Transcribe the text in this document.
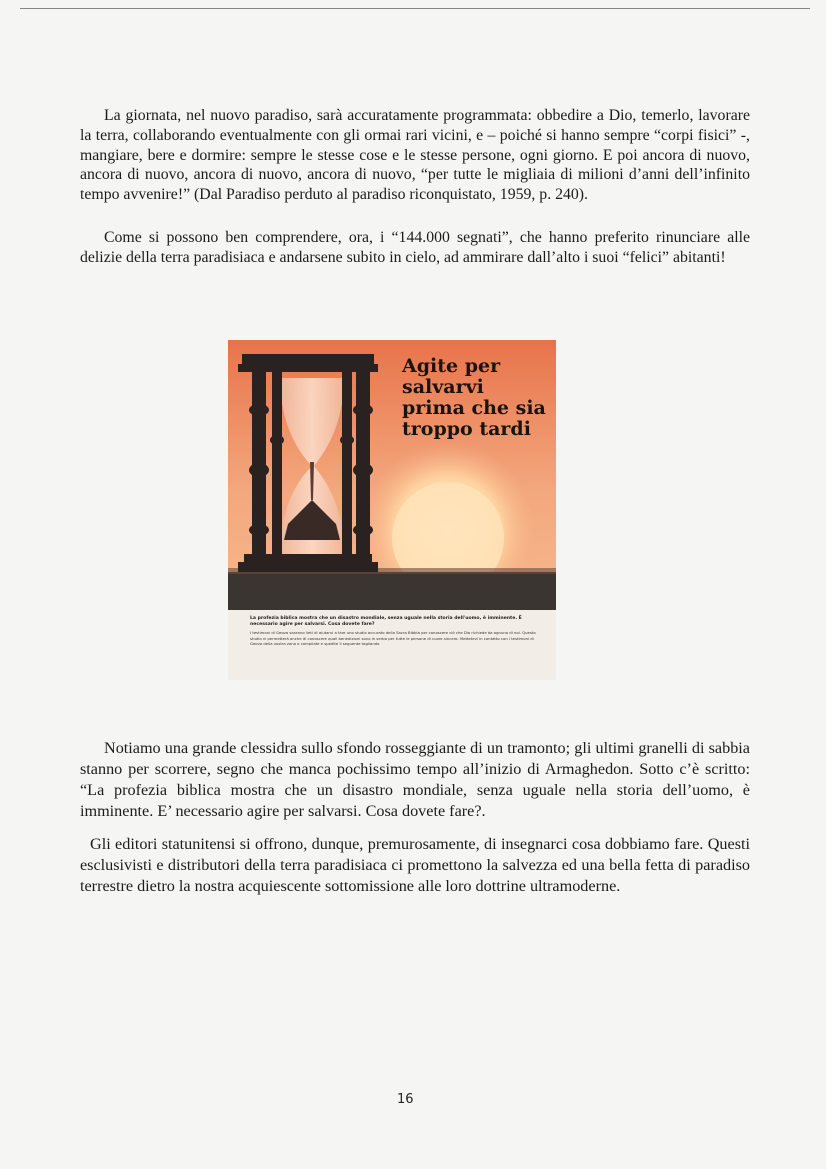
La giornata, nel nuovo paradiso, sarà accuratamente programmata: obbedire a Dio, temerlo, lavorare la terra, collaborando eventualmente con gli ormai rari vicini, e – poiché si hanno sempre “corpi fisici” -, mangiare, bere e dormire: sempre le stesse cose e le stesse persone, ogni giorno. E poi ancora di nuovo, ancora di nuovo, ancora di nuovo, ancora di nuovo, “per tutte le migliaia di milioni d’anni dell’infinito tempo avvenire!” (Dal Paradiso perduto al paradiso riconquistato, 1959, p. 240).

Come si possono ben comprendere, ora, i “144.000 segnati”, che hanno preferito rinunciare alle delizie della terra paradisiaca e andarsene subito in cielo, ad ammirare dall’alto i suoi “felici” abitanti!

Agite per salvarvi prima che sia troppo tardi
La profezia biblica mostra che un disastro mondiale, senza uguale nella storia dell'uomo, è imminente. È necessario agire per salvarsi. Cosa dovete fare?
I testimoni di Geova saranno lieti di aiutarvi a fare uno studio accurato della Sacra Bibbia per conoscere ciò che Dio richiede da ognuno di noi. Questo studio vi permetterà anche di conoscere quali benedizioni sono in serbo per tutte le persone di cuore sincero. Mettetevi in contatto con i testimoni di Geova della vostra zona o compilate e spedite il seguente tagliando

Notiamo una grande clessidra sullo sfondo rosseggiante di un tramonto; gli ultimi granelli di sabbia stanno per scorrere, segno che manca pochissimo tempo all’inizio di Armaghedon. Sotto c’è scritto: “La profezia biblica mostra che un disastro mondiale, senza uguale nella storia dell’uomo, è imminente. E’ necessario agire per salvarsi. Cosa dovete fare?.

Gli editori statunitensi si offrono, dunque, premurosamente, di insegnarci cosa dobbiamo fare. Questi esclusivisti e distributori della terra paradisiaca ci promettono la salvezza ed una bella fetta di paradiso terrestre dietro la nostra acquiescente sottomissione alle loro dottrine ultramoderne.

16
